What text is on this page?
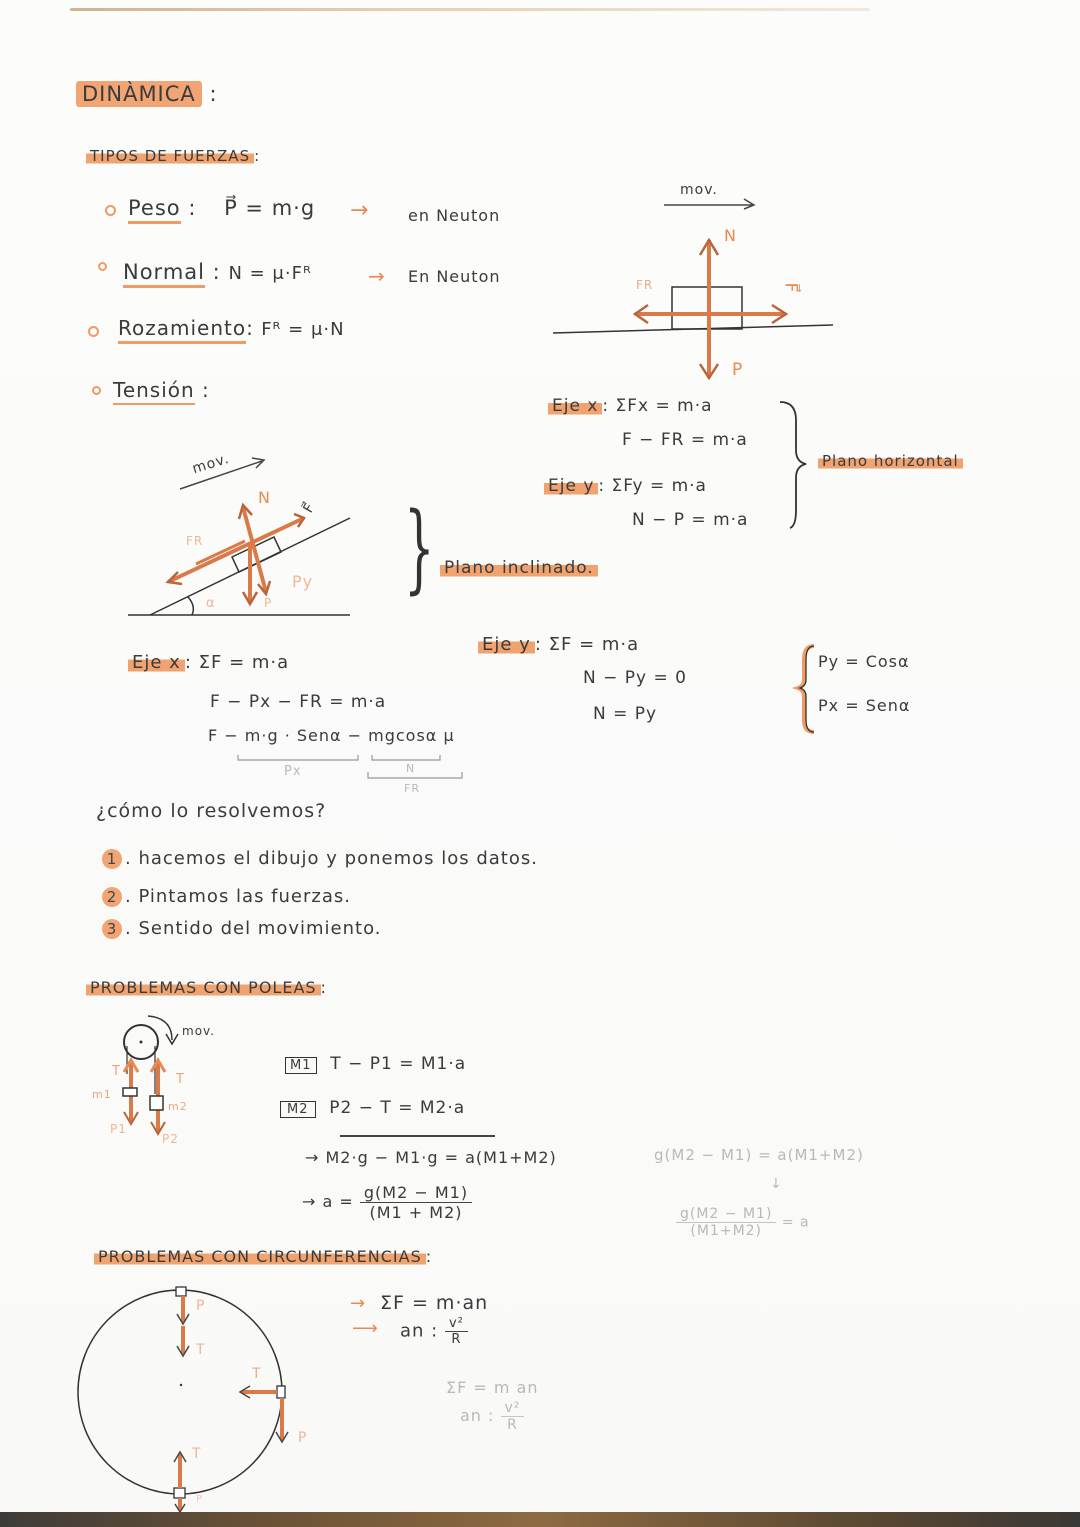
DINÀMICA :
TIPOS DE FUERZAS :
Peso : P⃗ = m·g → en Neuton
Normal : N = μ·Fᴿ	→ En Neuton
Rozamiento: Fᴿ = μ·N
Tensión :
mov.
N
P
F⃗
FR
Eje x : ΣFx = m·a
F − FR = m·a
Eje y : ΣFy = m·a
N − P = m·a
Plano horizontal
mov.
N
F⃗
FR
Py
P
α } Plano inclinado.
Eje x : ΣF = m·a
F − Px − FR = m·a
F − m·g · Senα − mgcosα μ
Px	N
FR
Eje y : ΣF = m·a
N − Py = 0
N = Py
Py = Cosα
Px = Senα
¿cómo lo resolvemos?
1 . hacemos el dibujo y ponemos los datos.
2 . Pintamos las fuerzas.
3 . Sentido del movimiento.
PROBLEMAS CON POLEAS :
mov.
T
T
m1
m2
P1
P2
M1 T − P1 = M1·a
M2 P2 − T = M2·a
→ M2·g − M1·g = a(M1+M2)
→ $a = \frac{g(M2 - M1)}{(M1 + M2)}$
g(M2 − M1) = a(M1+M2)
↓
$\frac{g(M2 - M1)}{(M1+M2)} = a$
PROBLEMAS CON CIRCUNFERENCIAS :
P
T
T
P
T
P
→ ΣF = m·an
⟶ an : $\frac{\text{v²}}{R}$
ΣF = m an
an : $\frac{\text{v²}}{R}$
